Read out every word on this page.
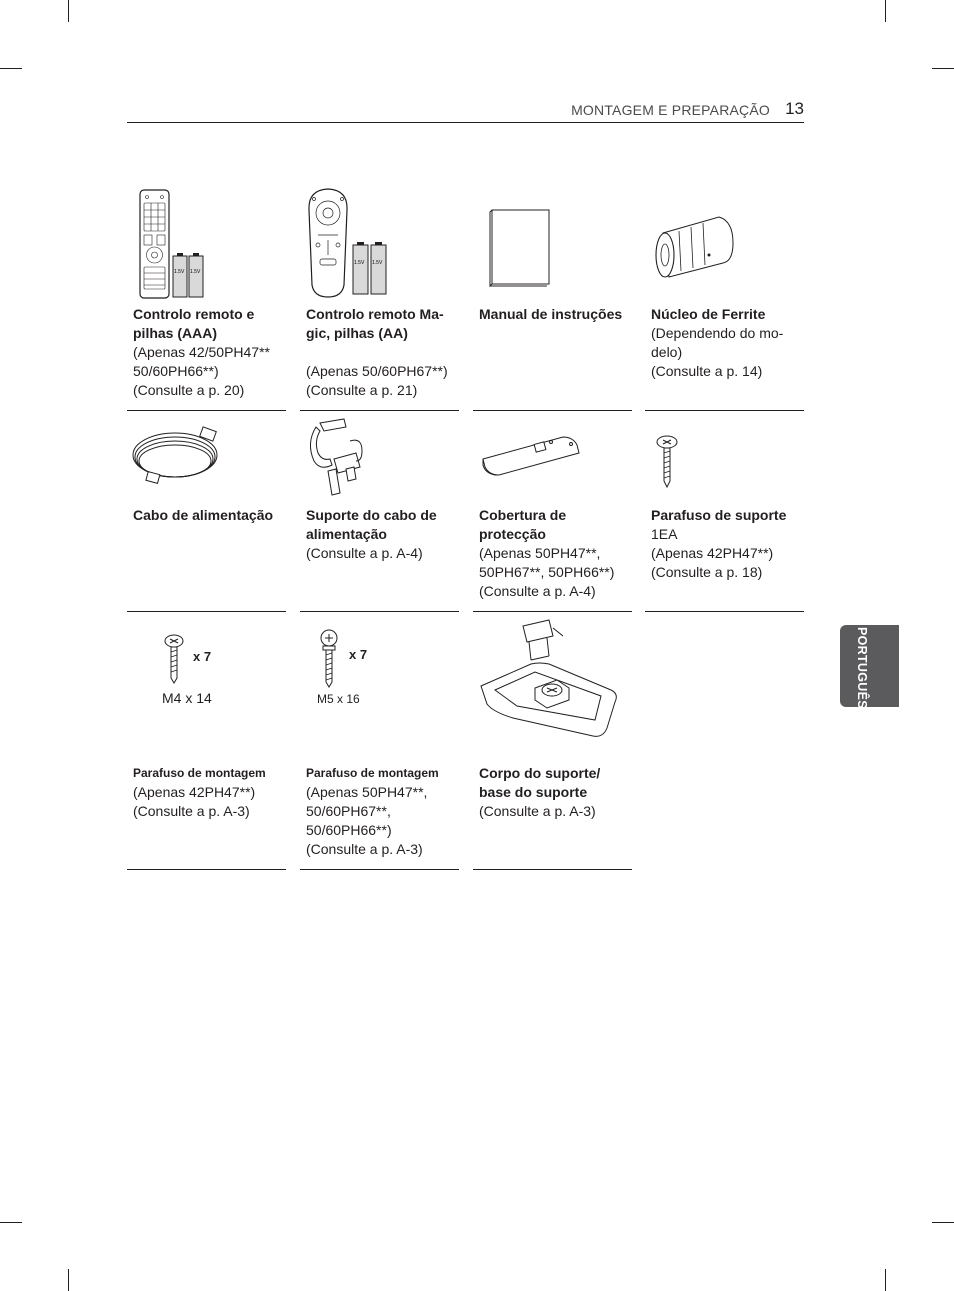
MONTAGEM E PREPARAÇÃO 13
PORTUGUÊS
1.5V 1.5V
Controlo remoto e
pilhas (AAA)
(Apenas 42/50PH47**
50/60PH66**)
(Consulte a p. 20)
1.5V 1.5V
Controlo remoto Ma-
gic, pilhas (AA)

(Apenas 50/60PH67**)
(Consulte a p. 21)
Manual de instruções Núcleo de Ferrite
(Dependendo do mo-
delo)
(Consulte a p. 14)
Cabo de alimentação Suporte do cabo de
alimentação
(Consulte a p. A-4)
Cobertura de
protecção
(Apenas 50PH47**,
50PH67**, 50PH66**)
(Consulte a p. A-4)
Parafuso de suporte
1EA
(Apenas 42PH47**)
(Consulte a p. 18)
x 7
M4 x 14
Parafuso de montagem
(Apenas 42PH47**)
(Consulte a p. A-3)
x 7
M5 x 16
Parafuso de montagem
(Apenas 50PH47**,
50/60PH67**,
50/60PH66**)
(Consulte a p. A-3)
Corpo do suporte/
base do suporte
(Consulte a p. A-3)
